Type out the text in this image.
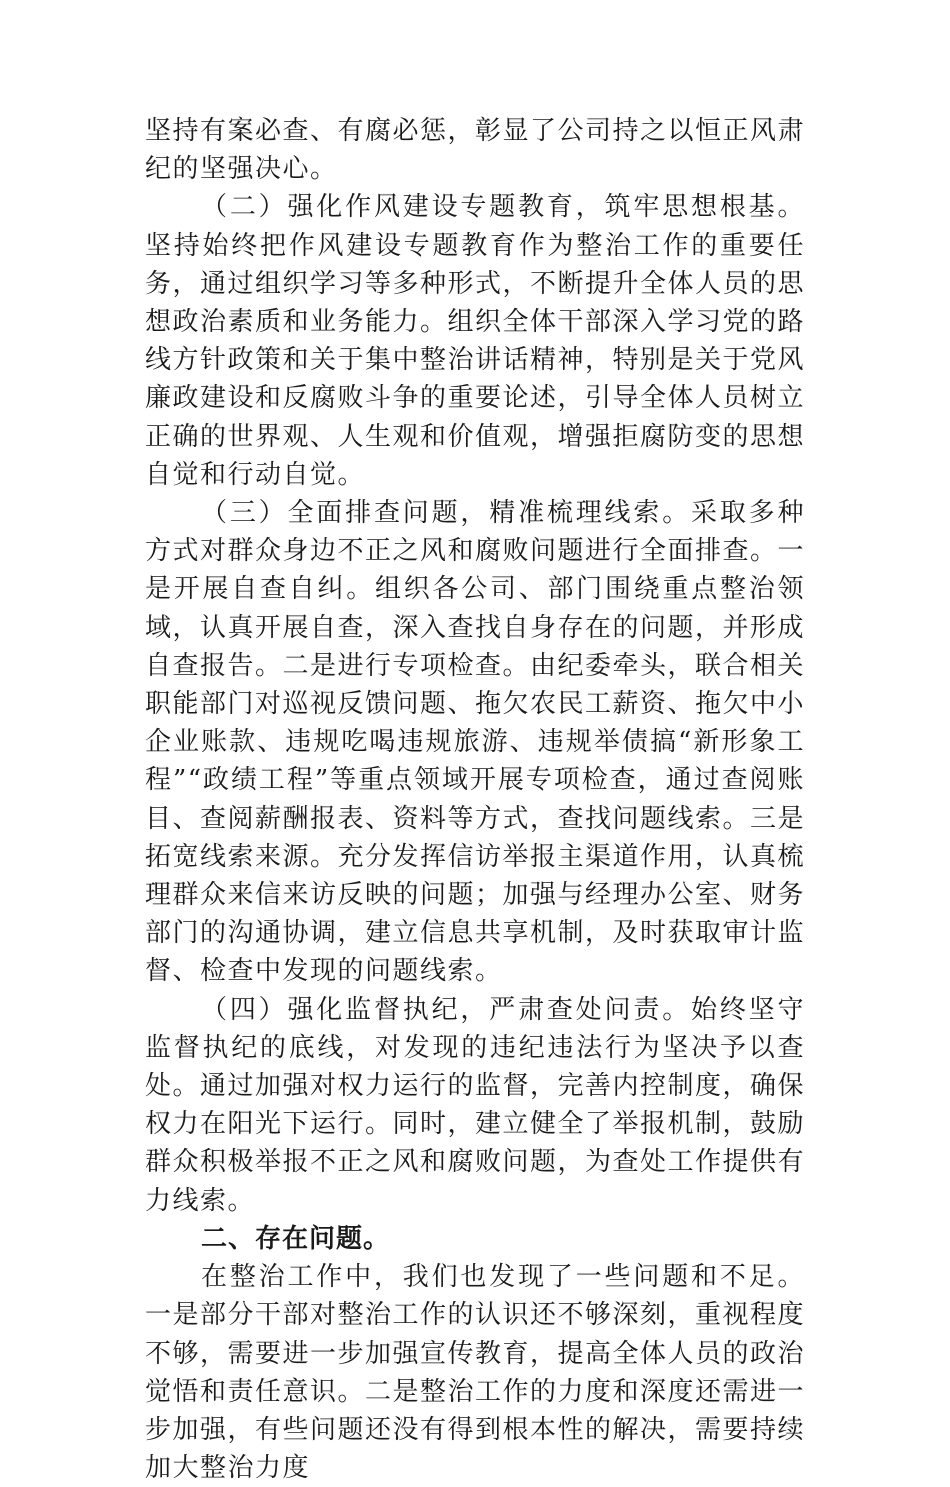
坚持有案必查、有腐必惩，彰显了公司持之以恒正风肃纪的坚强决心。

（二）强化作风建设专题教育，筑牢思想根基。坚持始终把作风建设专题教育作为整治工作的重要任务，通过组织学习等多种形式，不断提升全体人员的思想政治素质和业务能力。组织全体干部深入学习党的路线方针政策和关于集中整治讲话精神，特别是关于党风廉政建设和反腐败斗争的重要论述，引导全体人员树立正确的世界观、人生观和价值观，增强拒腐防变的思想自觉和行动自觉。

（三）全面排查问题，精准梳理线索。采取多种方式对群众身边不正之风和腐败问题进行全面排查。一是开展自查自纠。组织各公司、部门围绕重点整治领域，认真开展自查，深入查找自身存在的问题，并形成自查报告。二是进行专项检查。由纪委牵头，联合相关职能部门对巡视反馈问题、拖欠农民工薪资、拖欠中小企业账款、违规吃喝违规旅游、违规举债搞“新形象工程”“政绩工程”等重点领域开展专项检查，通过查阅账目、查阅薪酬报表、资料等方式，查找问题线索。三是拓宽线索来源。充分发挥信访举报主渠道作用，认真梳理群众来信来访反映的问题；加强与经理办公室、财务部门的沟通协调，建立信息共享机制，及时获取审计监督、检查中发现的问题线索。

（四）强化监督执纪，严肃查处问责。始终坚守监督执纪的底线，对发现的违纪违法行为坚决予以查处。通过加强对权力运行的监督，完善内控制度，确保权力在阳光下运行。同时，建立健全了举报机制，鼓励群众积极举报不正之风和腐败问题，为查处工作提供有力线索。

二、存在问题。

在整治工作中，我们也发现了一些问题和不足。一是部分干部对整治工作的认识还不够深刻，重视程度不够，需要进一步加强宣传教育，提高全体人员的政治觉悟和责任意识。二是整治工作的力度和深度还需进一步加强，有些问题还没有得到根本性的解决，需要持续加大整治力度
